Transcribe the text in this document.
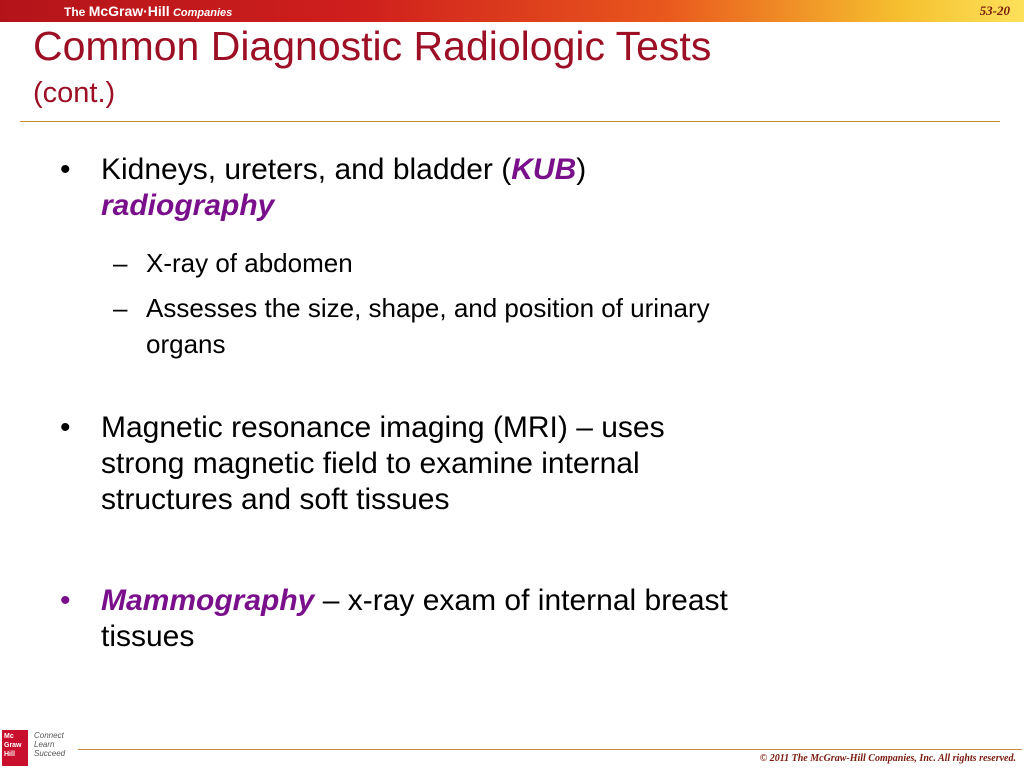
The McGraw·Hill Companies	53-20
Common Diagnostic Radiologic Tests
(cont.)
• Kidneys, ureters, and bladder (KUB)
radiography
– X-ray of abdomen
– Assesses the size, shape, and position of urinary
organs
• Magnetic resonance imaging (MRI) – uses
strong magnetic field to examine internal
structures and soft tissues
• Mammography – x-ray exam of internal breast
tissues
Mc
Graw
Hill
Connect
Learn
Succeed	© 2011 The McGraw-Hill Companies, Inc. All rights reserved.
